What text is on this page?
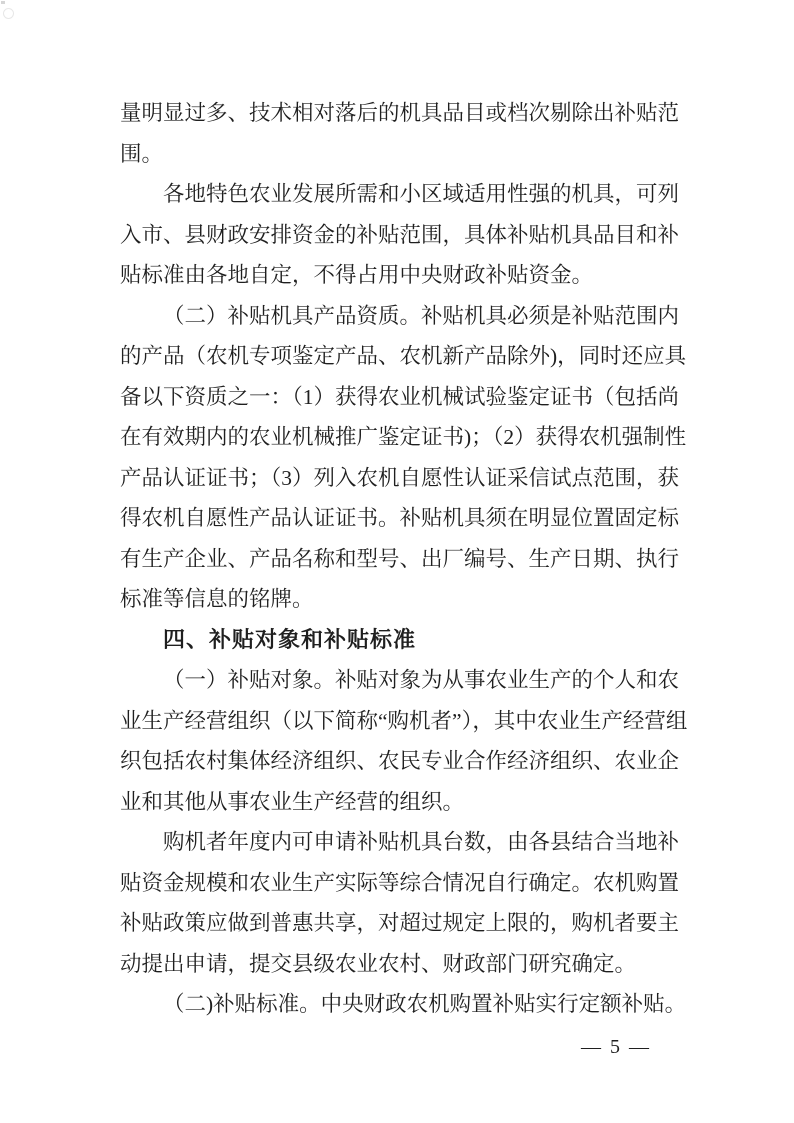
量明显过多、技术相对落后的机具品目或档次剔除出补贴范
围。
各地特色农业发展所需和小区域适用性强的机具，可列
入市、县财政安排资金的补贴范围，具体补贴机具品目和补
贴标准由各地自定，不得占用中央财政补贴资金。
（二）补贴机具产品资质。补贴机具必须是补贴范围内
的产品（农机专项鉴定产品、农机新产品除外)，同时还应具
备以下资质之一：（1）获得农业机械试验鉴定证书（包括尚
在有效期内的农业机械推广鉴定证书)；（2）获得农机强制性
产品认证证书；（3）列入农机自愿性认证采信试点范围，获
得农机自愿性产品认证证书。补贴机具须在明显位置固定标
有生产企业、产品名称和型号、出厂编号、生产日期、执行
标准等信息的铭牌。
四、补贴对象和补贴标准
（一）补贴对象。补贴对象为从事农业生产的个人和农
业生产经营组织（以下简称“购机者”），其中农业生产经营组
织包括农村集体经济组织、农民专业合作经济组织、农业企
业和其他从事农业生产经营的组织。
购机者年度内可申请补贴机具台数，由各县结合当地补
贴资金规模和农业生产实际等综合情况自行确定。农机购置
补贴政策应做到普惠共享，对超过规定上限的，购机者要主
动提出申请，提交县级农业农村、财政部门研究确定。
（二)补贴标准。中央财政农机购置补贴实行定额补贴。
— 5 —
